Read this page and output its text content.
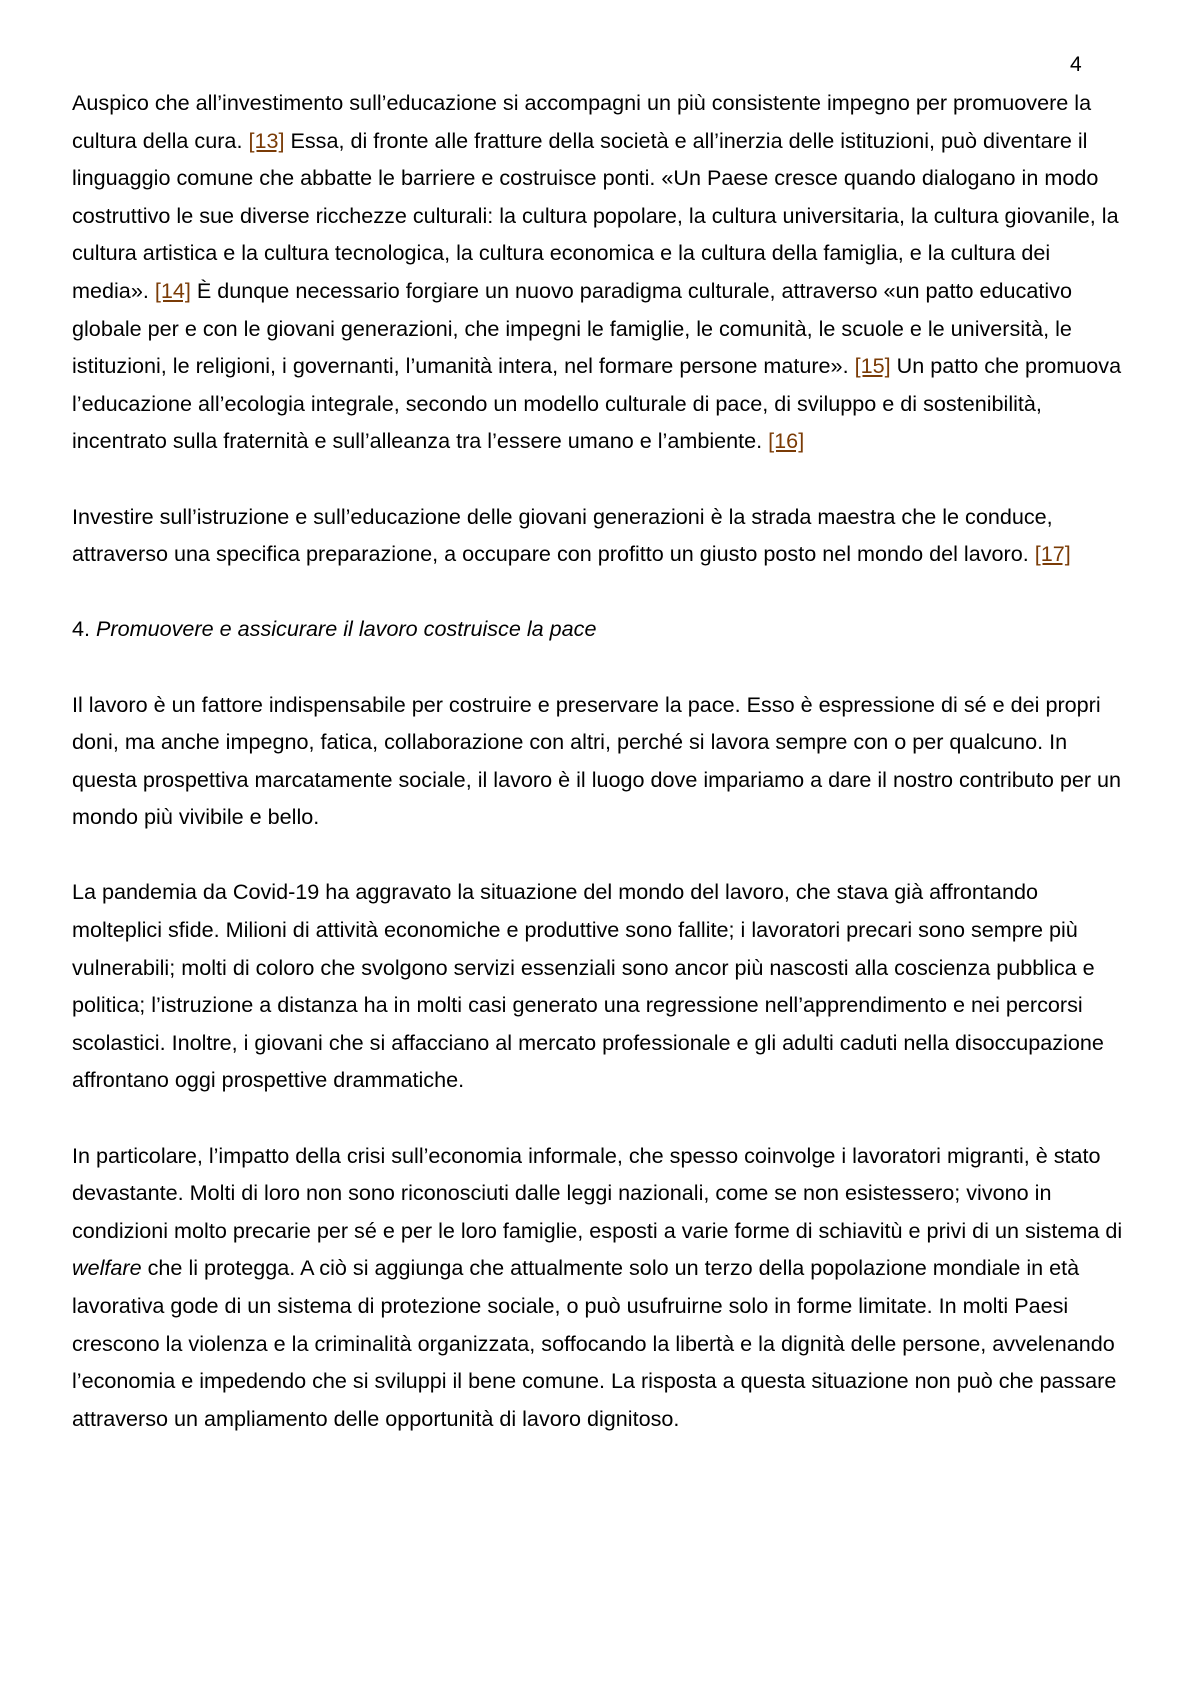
4

Auspico che all’investimento sull’educazione si accompagni un più consistente impegno per promuovere la cultura della cura. [13] Essa, di fronte alle fratture della società e all’inerzia delle istituzioni, può diventare il linguaggio comune che abbatte le barriere e costruisce ponti. «Un Paese cresce quando dialogano in modo costruttivo le sue diverse ricchezze culturali: la cultura popolare, la cultura universitaria, la cultura giovanile, la cultura artistica e la cultura tecnologica, la cultura economica e la cultura della famiglia, e la cultura dei media». [14] È dunque necessario forgiare un nuovo paradigma culturale, attraverso «un patto educativo globale per e con le giovani generazioni, che impegni le famiglie, le comunità, le scuole e le università, le istituzioni, le religioni, i governanti, l’umanità intera, nel formare persone mature». [15] Un patto che promuova l’educazione all’ecologia integrale, secondo un modello culturale di pace, di sviluppo e di sostenibilità, incentrato sulla fraternità e sull’alleanza tra l’essere umano e l’ambiente. [16]

Investire sull’istruzione e sull’educazione delle giovani generazioni è la strada maestra che le conduce, attraverso una specifica preparazione, a occupare con profitto un giusto posto nel mondo del lavoro. [17]

4. Promuovere e assicurare il lavoro costruisce la pace

Il lavoro è un fattore indispensabile per costruire e preservare la pace. Esso è espressione di sé e dei propri doni, ma anche impegno, fatica, collaborazione con altri, perché si lavora sempre con o per qualcuno. In questa prospettiva marcatamente sociale, il lavoro è il luogo dove impariamo a dare il nostro contributo per un mondo più vivibile e bello.

La pandemia da Covid-19 ha aggravato la situazione del mondo del lavoro, che stava già affrontando molteplici sfide. Milioni di attività economiche e produttive sono fallite; i lavoratori precari sono sempre più vulnerabili; molti di coloro che svolgono servizi essenziali sono ancor più nascosti alla coscienza pubblica e politica; l’istruzione a distanza ha in molti casi generato una regressione nell’apprendimento e nei percorsi scolastici. Inoltre, i giovani che si affacciano al mercato professionale e gli adulti caduti nella disoccupazione affrontano oggi prospettive drammatiche.

In particolare, l’impatto della crisi sull’economia informale, che spesso coinvolge i lavoratori migranti, è stato devastante. Molti di loro non sono riconosciuti dalle leggi nazionali, come se non esistessero; vivono in condizioni molto precarie per sé e per le loro famiglie, esposti a varie forme di schiavitù e privi di un sistema di welfare che li protegga. A ciò si aggiunga che attualmente solo un terzo della popolazione mondiale in età lavorativa gode di un sistema di protezione sociale, o può usufruirne solo in forme limitate. In molti Paesi crescono la violenza e la criminalità organizzata, soffocando la libertà e la dignità delle persone, avvelenando l’economia e impedendo che si sviluppi il bene comune. La risposta a questa situazione non può che passare attraverso un ampliamento delle opportunità di lavoro dignitoso.
